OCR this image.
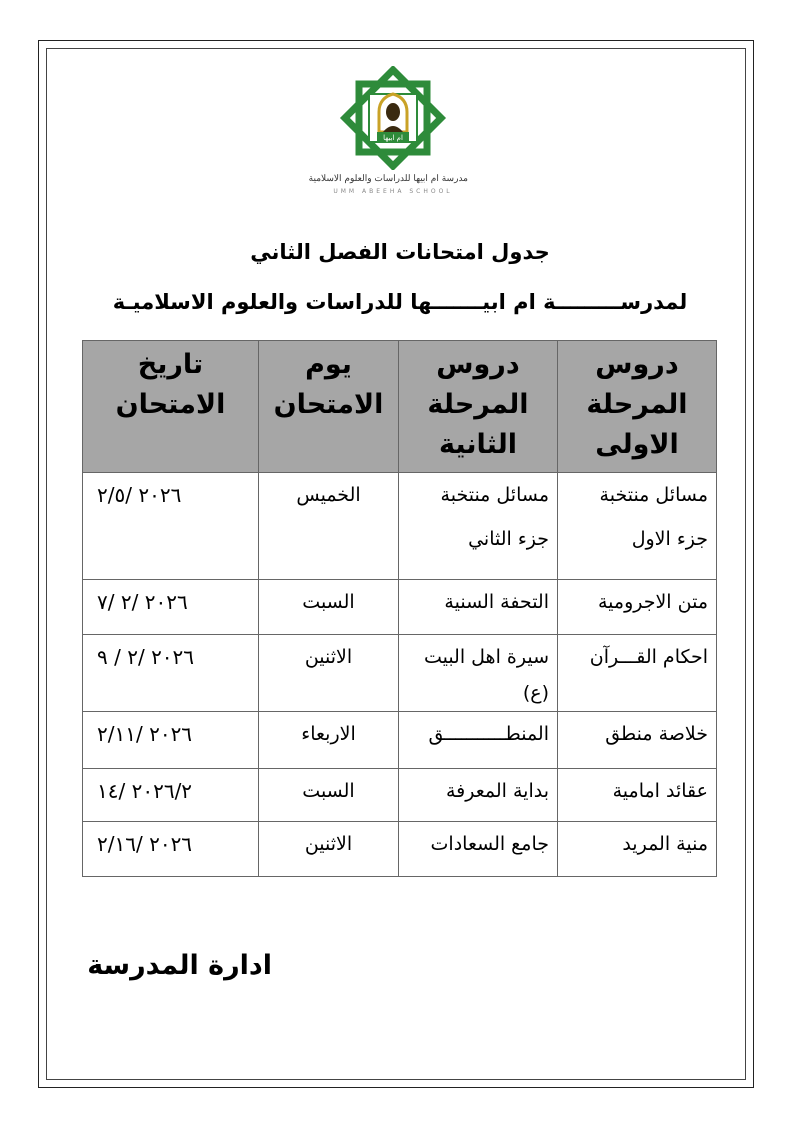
ام ابيها
مدرسة ام ابيها للدراسات والعلوم الاسلامية
UMM ABEEHA SCHOOL
جدول امتحانات الفصل الثاني
لمدرســـــــــة ام ابيـــــــها للدراسات والعلوم الاسلاميـة
دروس المرحلة الاولى	دروس المرحلة الثانية	يوم الامتحان	تاريخ الامتحان
مسائل منتخبة جزء الاول	مسائل منتخبة جزء الثاني	الخميس	٢٠٢٦ /٢/٥
متن الاجرومية	التحفة السنية	السبت	٢٠٢٦ /٢ /٧
احكام القـــرآن	سيرة اهل البيت (ع)	الاثنين	٢٠٢٦ /٢ / ٩
خلاصة منطق	المنطـــــــــــق	الاربعاء	٢٠٢٦ /٢/١١
عقائد امامية	بداية المعرفة	السبت	٢٠٢٦/٢ /١٤
منية المريد	جامع السعادات	الاثنين	٢٠٢٦ /٢/١٦
ادارة المدرسة
